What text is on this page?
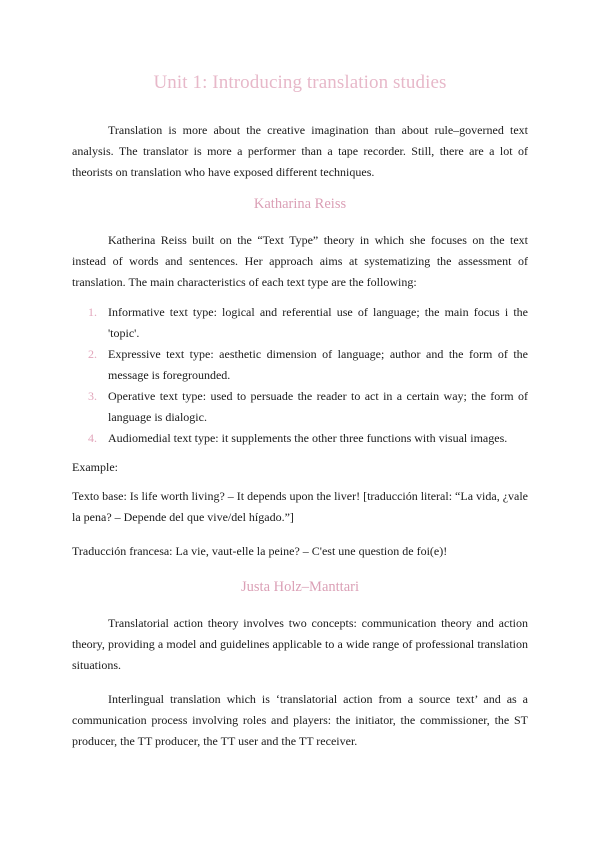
Unit 1: Introducing translation studies

Translation is more about the creative imagination than about rule–governed text analysis. The translator is more a performer than a tape recorder. Still, there are a lot of theorists on translation who have exposed different techniques.

Katharina Reiss

Katherina Reiss built on the “Text Type” theory in which she focuses on the text instead of words and sentences. Her approach aims at systematizing the assessment of translation. The main characteristics of each text type are the following:

1. Informative text type: logical and referential use of language; the main focus i the 'topic'.
2. Expressive text type: aesthetic dimension of language; author and the form of the message is foregrounded.
3. Operative text type: used to persuade the reader to act in a certain way; the form of language is dialogic.
4. Audiomedial text type: it supplements the other three functions with visual images.

Example:

Texto base: Is life worth living? – It depends upon the liver! [traducción literal: “La vida, ¿vale la pena? – Depende del que vive/del hígado.”]

Traducción francesa: La vie, vaut-elle la peine? – C'est une question de foi(e)!

Justa Holz–Manttari

Translatorial action theory involves two concepts: communication theory and action theory, providing a model and guidelines applicable to a wide range of professional translation situations.

Interlingual translation which is ‘translatorial action from a source text’ and as a communication process involving roles and players: the initiator, the commissioner, the ST producer, the TT producer, the TT user and the TT receiver.
